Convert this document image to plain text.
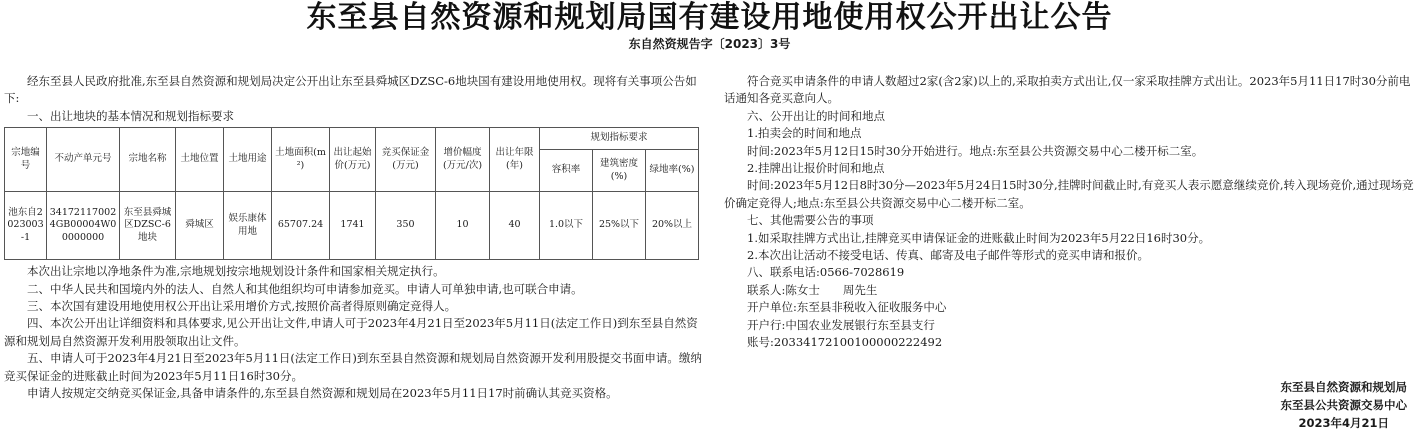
东至县自然资源和规划局国有建设用地使用权公开出让公告
东自然资规告字〔2023〕3号

经东至县人民政府批准,东至县自然资源和规划局决定公开出让东至县舜城区DZSC-6地块国有建设用地使用权。现将有关事项公告如下:

一、出让地块的基本情况和规划指标要求

宗地编号	不动产单元号	宗地名称	土地位置	土地用途	土地面积(m²)	出让起始价(万元)	竞买保证金(万元)	增价幅度(万元/次)	出让年限(年)	规划指标要求		
										容积率	建筑密度(%)	绿地率(%)
池东自2023003-1	341721170024GB00004W00000000	东至县舜城区DZSC-6地块	舜城区	娱乐康体用地	65707.24	1741	350	10	40	1.0以下	25%以下	20%以上

本次出让宗地以净地条件为准,宗地规划按宗地规划设计条件和国家相关规定执行。

二、中华人民共和国境内外的法人、自然人和其他组织均可申请参加竞买。申请人可单独申请,也可联合申请。

三、本次国有建设用地使用权公开出让采用增价方式,按照价高者得原则确定竞得人。

四、本次公开出让详细资料和具体要求,见公开出让文件,申请人可于2023年4月21日至2023年5月11日(法定工作日)到东至县自然资源和规划局自然资源开发利用股领取出让文件。

五、申请人可于2023年4月21日至2023年5月11日(法定工作日)到东至县自然资源和规划局自然资源开发利用股提交书面申请。缴纳竞买保证金的进账截止时间为2023年5月11日16时30分。

申请人按规定交纳竞买保证金,具备申请条件的,东至县自然资源和规划局在2023年5月11日17时前确认其竞买资格。

符合竞买申请条件的申请人数超过2家(含2家)以上的,采取拍卖方式出让,仅一家采取挂牌方式出让。2023年5月11日17时30分前电话通知各竞买意向人。

六、公开出让的时间和地点

1.拍卖会的时间和地点

时间:2023年5月12日15时30分开始进行。地点:东至县公共资源交易中心二楼开标二室。

2.挂牌出让报价时间和地点

时间:2023年5月12日8时30分—2023年5月24日15时30分,挂牌时间截止时,有竞买人表示愿意继续竞价,转入现场竞价,通过现场竞价确定竞得人;地点:东至县公共资源交易中心二楼开标二室。

七、其他需要公告的事项

1.如采取挂牌方式出让,挂牌竞买申请保证金的进账截止时间为2023年5月22日16时30分。

2.本次出让活动不接受电话、传真、邮寄及电子邮件等形式的竞买申请和报价。

八、联系电话:0566-7028619

联系人:陈女士　　周先生

开户单位:东至县非税收入征收服务中心

开户行:中国农业发展银行东至县支行

账号:20334172100100000222492

东至县自然资源和规划局
东至县公共资源交易中心
2023年4月21日
